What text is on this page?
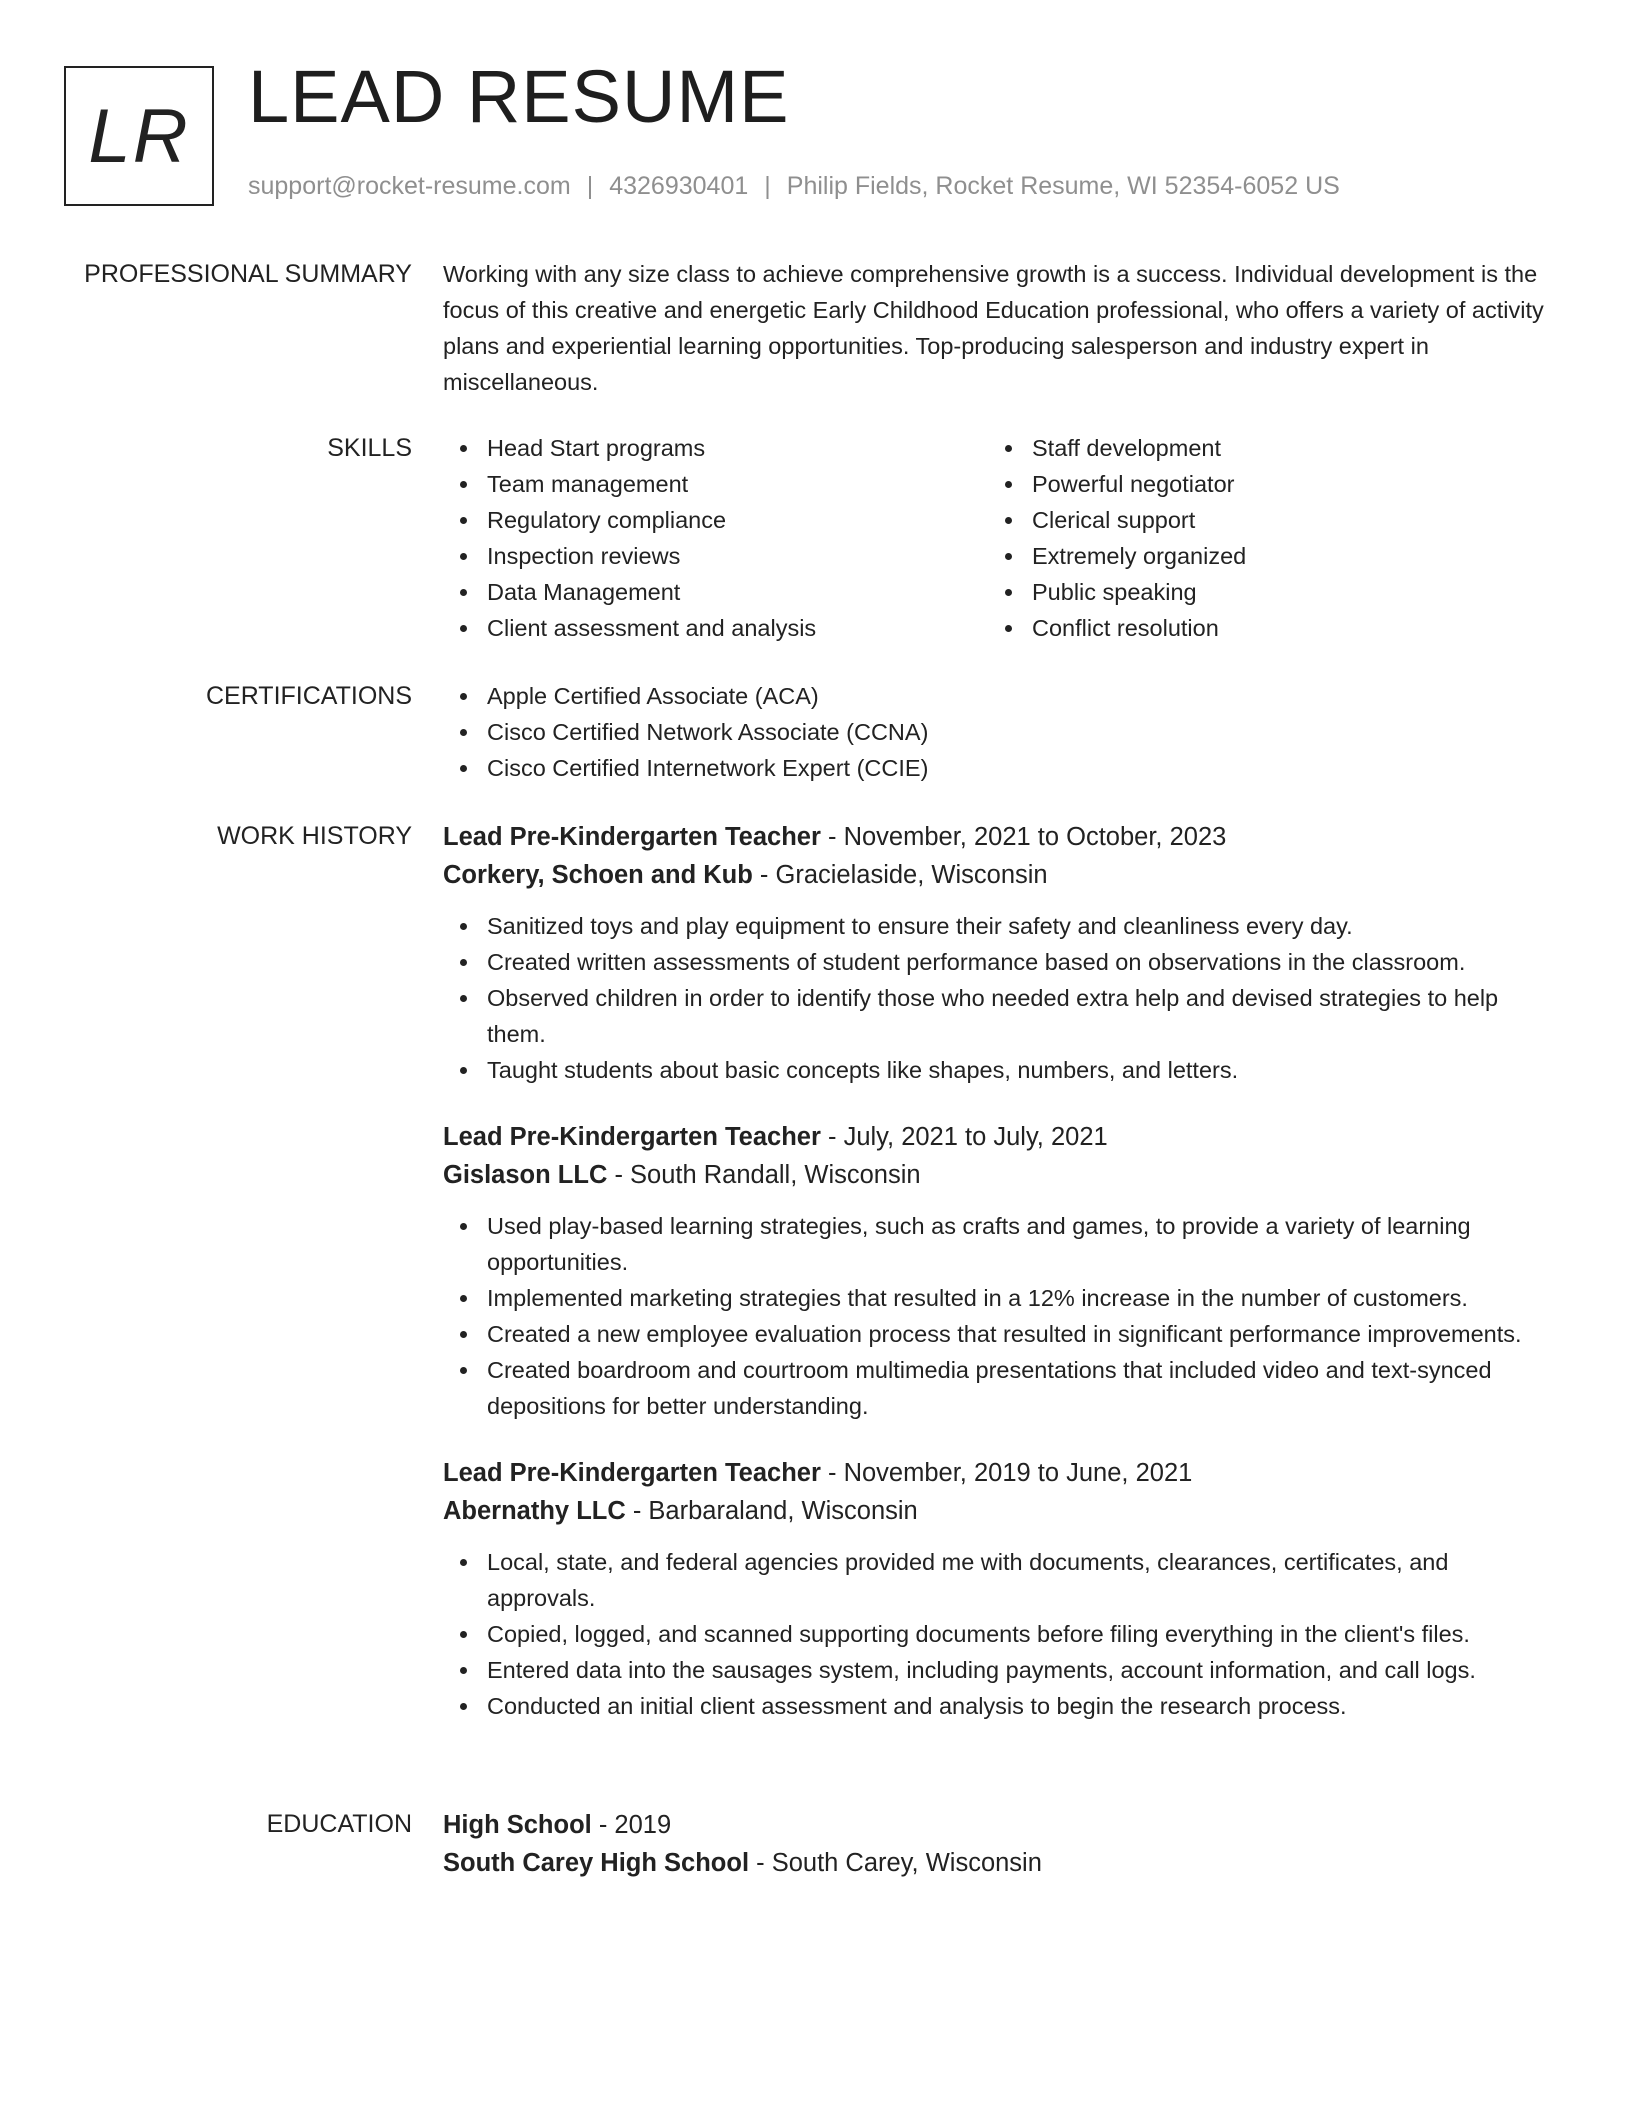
LR LEAD RESUME
support@rocket-resume.com | 4326930401 | Philip Fields, Rocket Resume, WI 52354-6052 US
PROFESSIONAL SUMMARY Working with any size class to achieve comprehensive growth is a success. Individual development is the focus of this creative and energetic Early Childhood Education professional, who offers a variety of activity plans and experiential learning opportunities. Top-producing salesperson and industry expert in miscellaneous.

SKILLS	Head Start programs
Team management
Regulatory compliance
Inspection reviews
Data Management
Client assessment and analysis
Staff development
Powerful negotiator
Clerical support
Extremely organized
Public speaking
Conflict resolution
CERTIFICATIONS	Apple Certified Associate (ACA)
Cisco Certified Network Associate (CCNA)
Cisco Certified Internetwork Expert (CCIE)
WORK HISTORY Lead Pre-Kindergarten Teacher - November, 2021 to October, 2023
Corkery, Schoen and Kub - Gracielaside, Wisconsin
Sanitized toys and play equipment to ensure their safety and cleanliness every day.
Created written assessments of student performance based on observations in the classroom.
Observed children in order to identify those who needed extra help and devised strategies to help them.
Taught students about basic concepts like shapes, numbers, and letters.
Lead Pre-Kindergarten Teacher - July, 2021 to July, 2021
Gislason LLC - South Randall, Wisconsin
Used play-based learning strategies, such as crafts and games, to provide a variety of learning opportunities.
Implemented marketing strategies that resulted in a 12% increase in the number of customers.
Created a new employee evaluation process that resulted in significant performance improvements.
Created boardroom and courtroom multimedia presentations that included video and text-synced depositions for better understanding.
Lead Pre-Kindergarten Teacher - November, 2019 to June, 2021
Abernathy LLC - Barbaraland, Wisconsin
Local, state, and federal agencies provided me with documents, clearances, certificates, and approvals.
Copied, logged, and scanned supporting documents before filing everything in the client's files.
Entered data into the sausages system, including payments, account information, and call logs.
Conducted an initial client assessment and analysis to begin the research process.
EDUCATION High School - 2019
South Carey High School - South Carey, Wisconsin
